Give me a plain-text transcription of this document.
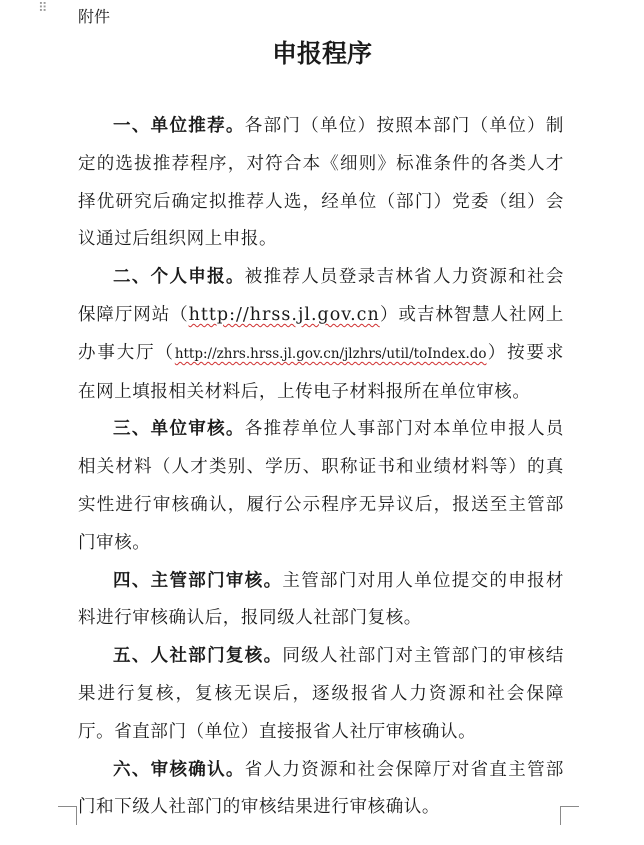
⠿ 附件
申报程序

一、单位推荐。各部门（单位）按照本部门（单位）制定的选拔推荐程序，对符合本《细则》标准条件的各类人才择优研究后确定拟推荐人选，经单位（部门）党委（组）会议通过后组织网上申报。

二、个人申报。被推荐人员登录吉林省人力资源和社会保障厅网站（http://hrss.jl.gov.cn）或吉林智慧人社网上办事大厅（http://zhrs.hrss.jl.gov.cn/jlzhrs/util/toIndex.do）按要求在网上填报相关材料后，上传电子材料报所在单位审核。

三、单位审核。各推荐单位人事部门对本单位申报人员相关材料（人才类别、学历、职称证书和业绩材料等）的真实性进行审核确认，履行公示程序无异议后，报送至主管部门审核。

四、主管部门审核。主管部门对用人单位提交的申报材料进行审核确认后，报同级人社部门复核。

五、人社部门复核。同级人社部门对主管部门的审核结果进行复核，复核无误后，逐级报省人力资源和社会保障厅。省直部门（单位）直接报省人社厅审核确认。

六、审核确认。省人力资源和社会保障厅对省直主管部门和下级人社部门的审核结果进行审核确认。
